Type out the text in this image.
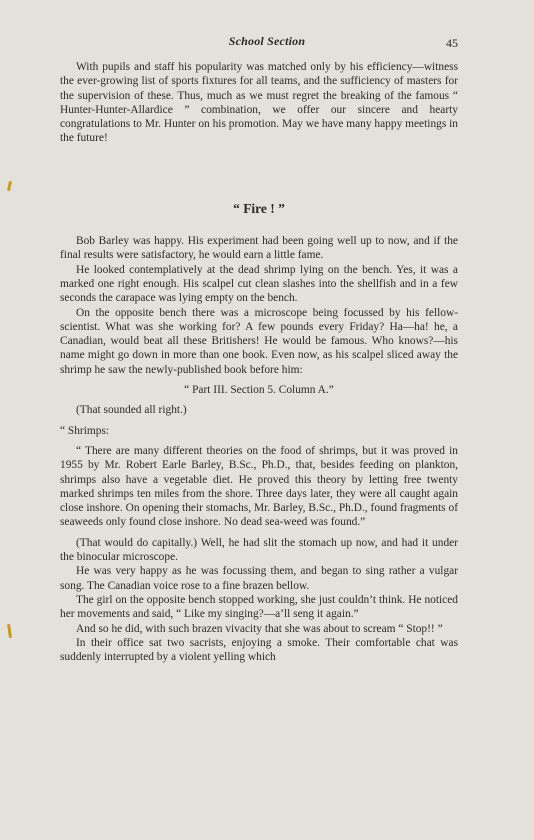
School Section	45

With pupils and staff his popularity was matched only by his efficiency—witness the ever-growing list of sports fixtures for all teams, and the sufficiency of masters for the supervision of these. Thus, much as we must regret the breaking of the famous “ Hunter-Hunter-Allardice ” combination, we offer our sincere and hearty congratulations to Mr. Hunter on his promotion. May we have many happy meetings in the future!

“ Fire ! ”

Bob Barley was happy. His experiment had been going well up to now, and if the final results were satisfactory, he would earn a little fame.

He looked contemplatively at the dead shrimp lying on the bench. Yes, it was a marked one right enough. His scalpel cut clean slashes into the shellfish and in a few seconds the carapace was lying empty on the bench.

On the opposite bench there was a microscope being focussed by his fellow-scientist. What was she working for? A few pounds every Friday? Ha—ha! he, a Canadian, would beat all these Britishers! He would be famous. Who knows?—his name might go down in more than one book. Even now, as his scalpel sliced away the shrimp he saw the newly-published book before him:

“ Part III. Section 5. Column A.”

(That sounded all right.)

“ Shrimps:

“ There are many different theories on the food of shrimps, but it was proved in 1955 by Mr. Robert Earle Barley, B.Sc., Ph.D., that, besides feeding on plankton, shrimps also have a vegetable diet. He proved this theory by letting free twenty marked shrimps ten miles from the shore. Three days later, they were all caught again close inshore. On opening their stomachs, Mr. Barley, B.Sc., Ph.D., found fragments of seaweeds only found close inshore. No dead sea-weed was found.”

(That would do capitally.) Well, he had slit the stomach up now, and had it under the binocular microscope.

He was very happy as he was focussing them, and began to sing rather a vulgar song. The Canadian voice rose to a fine brazen bellow.

The girl on the opposite bench stopped working, she just couldn’t think. He noticed her movements and said, “ Like my singing?—a’ll seng it again.”

And so he did, with such brazen vivacity that she was about to scream “ Stop!! ”

In their office sat two sacrists, enjoying a smoke. Their comfortable chat was suddenly interrupted by a violent yelling which
